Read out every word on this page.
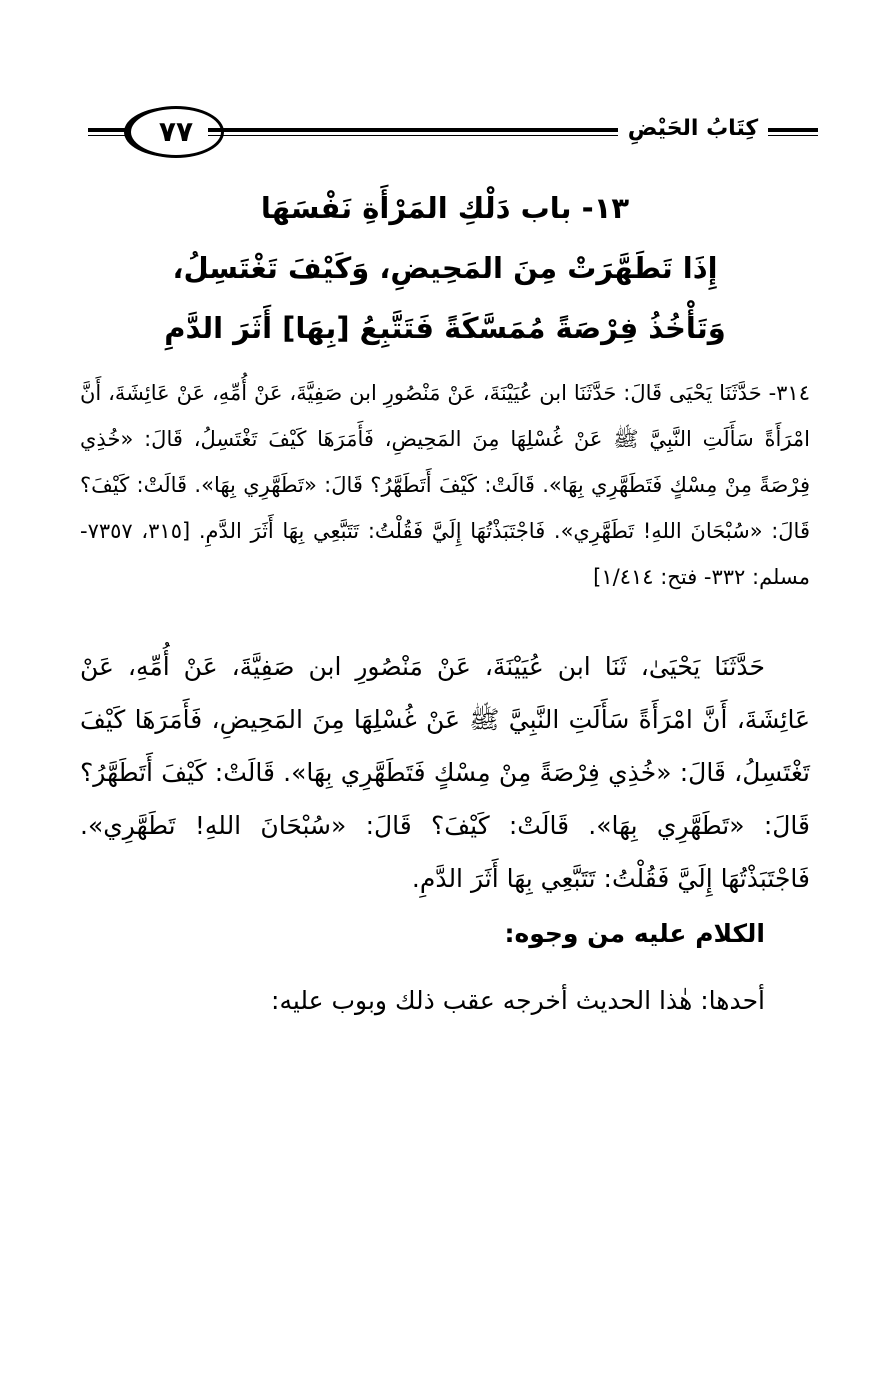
٧٧	كِتَابُ الحَيْضِ
١٣- باب دَلْكِ المَرْأَةِ نَفْسَهَا
إِذَا تَطَهَّرَتْ مِنَ المَحِيضِ، وَكَيْفَ تَغْتَسِلُ،
وَتَأْخُذُ فِرْصَةً مُمَسَّكَةً فَتَتَّبِعُ [بِهَا] أَثَرَ الدَّمِ
٣١٤- حَدَّثَنَا يَحْيَى قَالَ: حَدَّثَنَا ابن عُيَيْنَةَ، عَنْ مَنْصُورِ ابن صَفِيَّةَ، عَنْ أُمِّهِ، عَنْ عَائِشَةَ، أَنَّ امْرَأَةً سَأَلَتِ النَّبِيَّ ﷺ عَنْ غُسْلِهَا مِنَ المَحِيضِ، فَأَمَرَهَا كَيْفَ تَغْتَسِلُ، قَالَ: «خُذِي فِرْصَةً مِنْ مِسْكٍ فَتَطَهَّرِي بِهَا». قَالَتْ: كَيْفَ أَتَطَهَّرُ؟ قَالَ: «تَطَهَّرِي بِهَا». قَالَتْ: كَيْفَ؟ قَالَ: «سُبْحَانَ اللهِ! تَطَهَّرِي». فَاجْتَبَذْتُهَا إِلَيَّ فَقُلْتُ: تَتَبَّعِي بِهَا أَثَرَ الدَّمِ. [٣١٥، ٧٣٥٧- مسلم: ٣٣٢- فتح: ١/٤١٤]

حَدَّثَنَا يَحْيَىٰ، ثَنَا ابن عُيَيْنَةَ، عَنْ مَنْصُورِ ابن صَفِيَّةَ، عَنْ أُمِّهِ، عَنْ عَائِشَةَ، أَنَّ امْرَأَةً سَأَلَتِ النَّبِيَّ ﷺ عَنْ غُسْلِهَا مِنَ المَحِيضِ، فَأَمَرَهَا كَيْفَ تَغْتَسِلُ، قَالَ: «خُذِي فِرْصَةً مِنْ مِسْكٍ فَتَطَهَّرِي بِهَا». قَالَتْ: كَيْفَ أَتَطَهَّرُ؟ قَالَ: «تَطَهَّرِي بِهَا». قَالَتْ: كَيْفَ؟ قَالَ: «سُبْحَانَ اللهِ! تَطَهَّرِي». فَاجْتَبَذْتُهَا إِلَيَّ فَقُلْتُ: تَتَبَّعِي بِهَا أَثَرَ الدَّمِ.

الكلام عليه من وجوه:

أحدها: هٰذا الحديث أخرجه عقب ذلك وبوب عليه:
